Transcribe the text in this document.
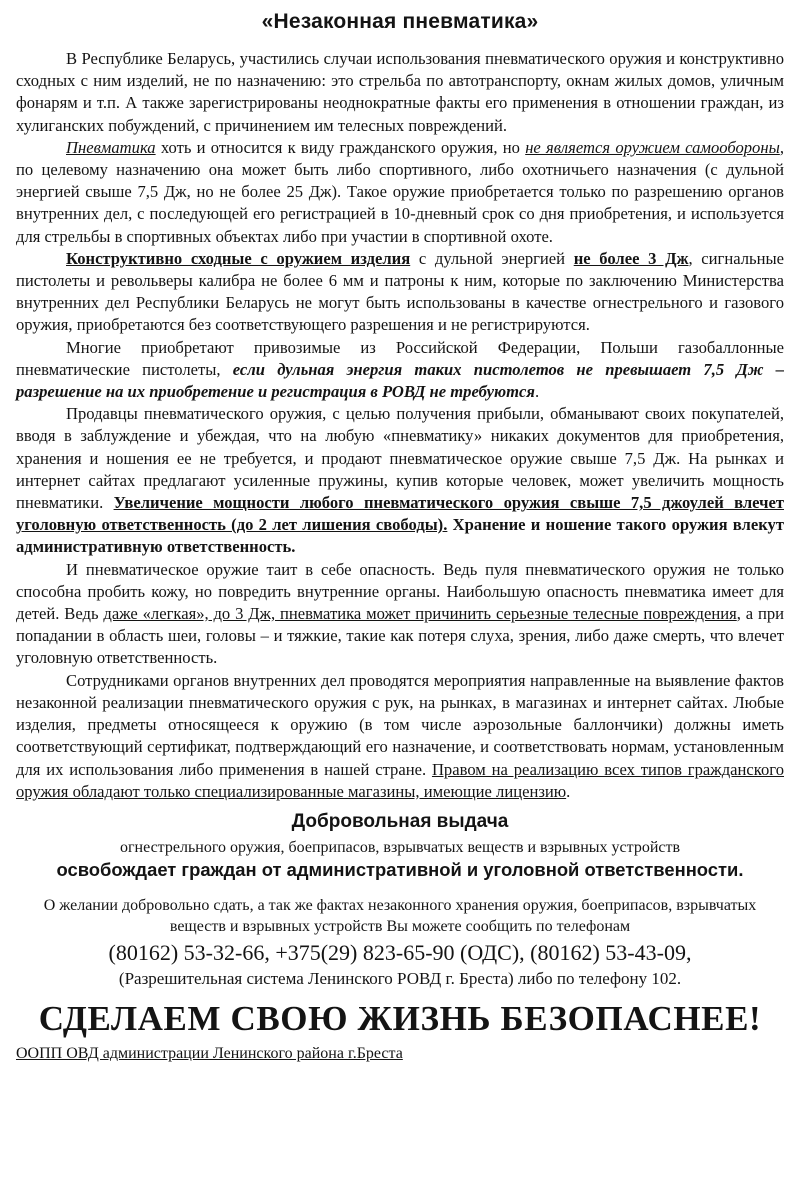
«Незаконная пневматика»

В Республике Беларусь, участились случаи использования пневматического оружия и конструктивно сходных с ним изделий, не по назначению: это стрельба по автотранспорту, окнам жилых домов, уличным фонарям и т.п. А также зарегистрированы неоднократные факты его применения в отношении граждан, из хулиганских побуждений, с причинением им телесных повреждений.

Пневматика хоть и относится к виду гражданского оружия, но не является оружием самообороны, по целевому назначению она может быть либо спортивного, либо охотничьего назначения (с дульной энергией свыше 7,5 Дж, но не более 25 Дж). Такое оружие приобретается только по разрешению органов внутренних дел, с последующей его регистрацией в 10-дневный срок со дня приобретения, и используется для стрельбы в спортивных объектах либо при участии в спортивной охоте.

Конструктивно сходные с оружием изделия с дульной энергией не более 3 Дж, сигнальные пистолеты и револьверы калибра не более 6 мм и патроны к ним, которые по заключению Министерства внутренних дел Республики Беларусь не могут быть использованы в качестве огнестрельного и газового оружия, приобретаются без соответствующего разрешения и не регистрируются.

Многие приобретают привозимые из Российской Федерации, Польши газобаллонные пневматические пистолеты, если дульная энергия таких пистолетов не превышает 7,5 Дж – разрешение на их приобретение и регистрация в РОВД не требуются.

Продавцы пневматического оружия, с целью получения прибыли, обманывают своих покупателей, вводя в заблуждение и убеждая, что на любую «пневматику» никаких документов для приобретения, хранения и ношения ее не требуется, и продают пневматическое оружие свыше 7,5 Дж. На рынках и интернет сайтах предлагают усиленные пружины, купив которые человек, может увеличить мощность пневматики. Увеличение мощности любого пневматического оружия свыше 7,5 джоулей влечет уголовную ответственность (до 2 лет лишения свободы). Хранение и ношение такого оружия влекут административную ответственность.

И пневматическое оружие таит в себе опасность. Ведь пуля пневматического оружия не только способна пробить кожу, но повредить внутренние органы. Наибольшую опасность пневматика имеет для детей. Ведь даже «легкая», до 3 Дж, пневматика может причинить серьезные телесные повреждения, а при попадании в область шеи, головы – и тяжкие, такие как потеря слуха, зрения, либо даже смерть, что влечет уголовную ответственность.

Сотрудниками органов внутренних дел проводятся мероприятия направленные на выявление фактов незаконной реализации пневматического оружия с рук, на рынках, в магазинах и интернет сайтах. Любые изделия, предметы относящееся к оружию (в том числе аэрозольные баллончики) должны иметь соответствующий сертификат, подтверждающий его назначение, и соответствовать нормам, установленным для их использования либо применения в нашей стране. Правом на реализацию всех типов гражданского оружия обладают только специализированные магазины, имеющие лицензию.

Добровольная выдача
огнестрельного оружия, боеприпасов, взрывчатых веществ и взрывных устройств
освобождает граждан от административной и уголовной ответственности.
О желании добровольно сдать, а так же фактах незаконного хранения оружия, боеприпасов, взрывчатых веществ и взрывных устройств Вы можете сообщить по телефонам
(80162) 53-32-66, +375(29) 823-65-90 (ОДС), (80162) 53-43-09,
(Разрешительная система Ленинского РОВД г. Бреста) либо по телефону 102.
СДЕЛАЕМ СВОЮ ЖИЗНЬ БЕЗОПАСНЕЕ!
ООПП ОВД администрации Ленинского района г.Бреста
